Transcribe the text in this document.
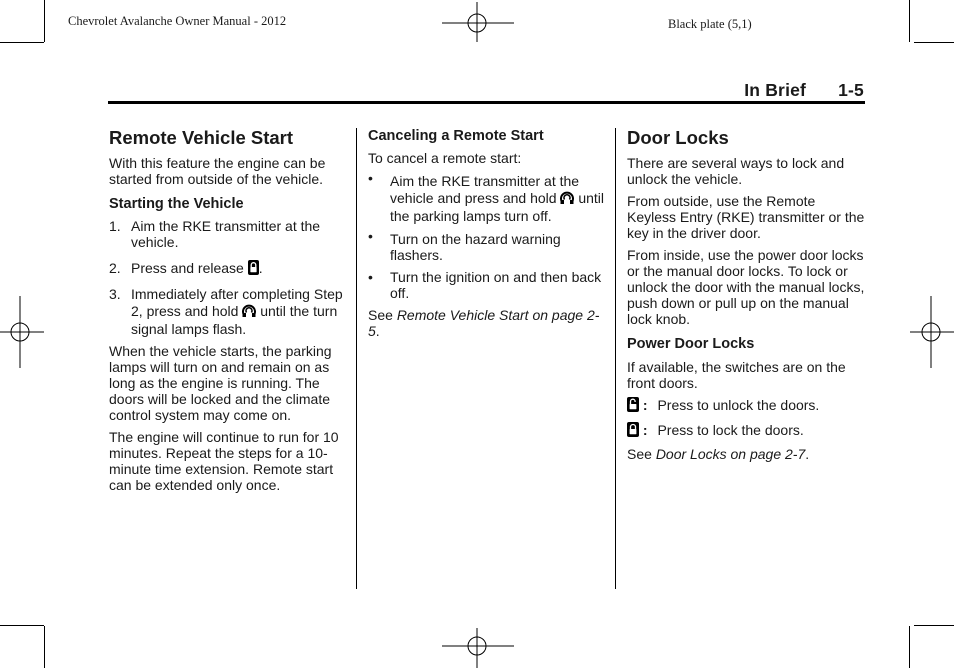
Chevrolet Avalanche Owner Manual - 2012	Black plate (5,1)
In Brief 1-5
Remote Vehicle Start

With this feature the engine can be started from outside of the vehicle.

Starting the Vehicle
1. Aim the RKE transmitter at the vehicle.
2. Press and release .
3. Immediately after completing Step 2, press and hold until the turn signal lamps flash.

When the vehicle starts, the parking lamps will turn on and remain on as long as the engine is running. The doors will be locked and the climate control system may come on.

The engine will continue to run for 10 minutes. Repeat the steps for a 10-minute time extension. Remote start can be extended only once.

Canceling a Remote Start

To cancel a remote start:

• Aim the RKE transmitter at the vehicle and press and hold until the parking lamps turn off.
• Turn on the hazard warning flashers.
• Turn the ignition on and then back off.

See Remote Vehicle Start on page 2-5.

Door Locks

There are several ways to lock and unlock the vehicle.

From outside, use the Remote Keyless Entry (RKE) transmitter or the key in the driver door.

From inside, use the power door locks or the manual door locks. To lock or unlock the door with the manual locks, push down or pull up on the manual lock knob.

Power Door Locks

If available, the switches are on the front doors.

: Press to unlock the doors.

: Press to lock the doors.

See Door Locks on page 2-7.
